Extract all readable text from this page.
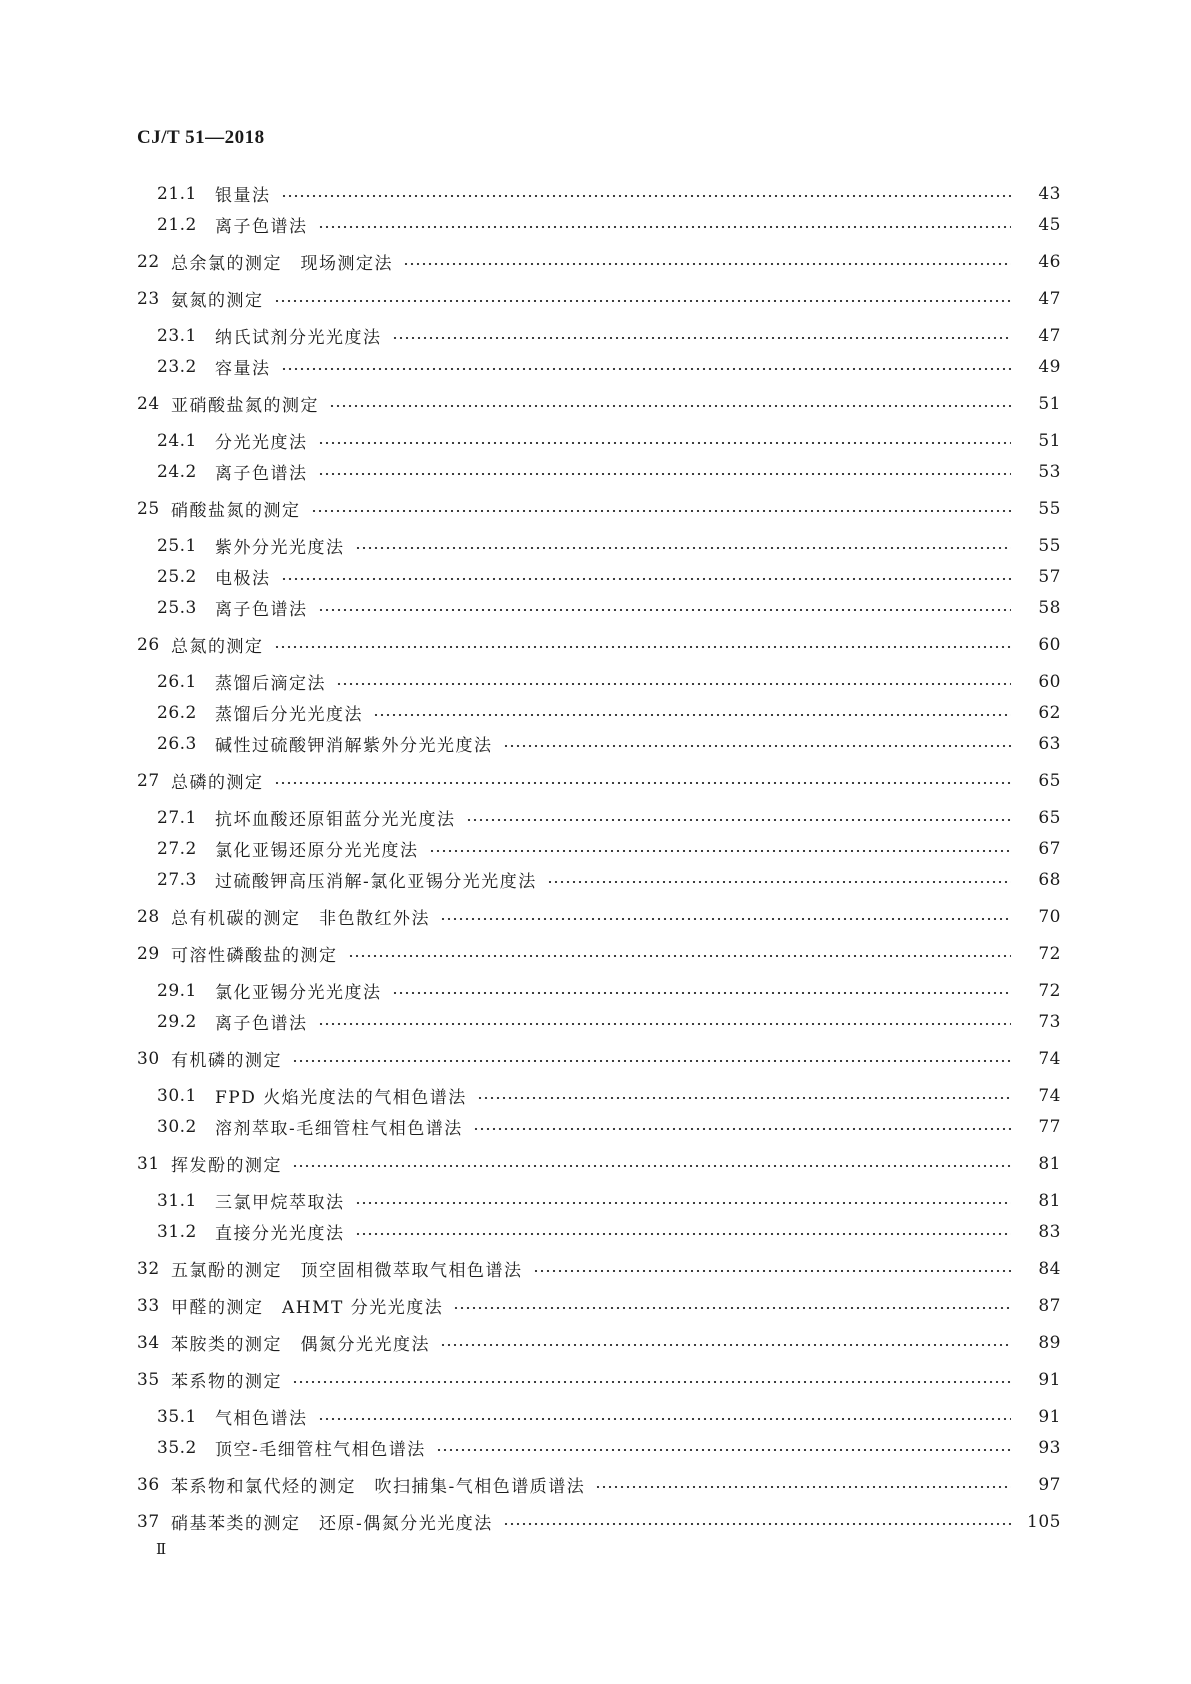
CJ/T 51—2018
21.1	银量法	43
21.2	离子色谱法	45
22 总余氯的测定　现场测定法	46
23 氨氮的测定	47
23.1	纳氏试剂分光光度法	47
23.2	容量法	49
24 亚硝酸盐氮的测定	51
24.1	分光光度法	51
24.2	离子色谱法	53
25 硝酸盐氮的测定	55
25.1	紫外分光光度法	55
25.2	电极法	57
25.3	离子色谱法	58
26 总氮的测定	60
26.1	蒸馏后滴定法	60
26.2	蒸馏后分光光度法	62
26.3	碱性过硫酸钾消解紫外分光光度法	63
27 总磷的测定	65
27.1	抗坏血酸还原钼蓝分光光度法	65
27.2	氯化亚锡还原分光光度法	67
27.3	过硫酸钾高压消解-氯化亚锡分光光度法	68
28 总有机碳的测定　非色散红外法	70
29 可溶性磷酸盐的测定	72
29.1	氯化亚锡分光光度法	72
29.2	离子色谱法	73
30 有机磷的测定	74
30.1	FPD 火焰光度法的气相色谱法	74
30.2	溶剂萃取-毛细管柱气相色谱法	77
31 挥发酚的测定	81
31.1	三氯甲烷萃取法	81
31.2	直接分光光度法	83
32 五氯酚的测定　顶空固相微萃取气相色谱法	84
33 甲醛的测定　AHMT 分光光度法	87
34 苯胺类的测定　偶氮分光光度法	89
35 苯系物的测定	91
35.1	气相色谱法	91
35.2	顶空-毛细管柱气相色谱法	93
36 苯系物和氯代烃的测定　吹扫捕集-气相色谱质谱法	97
37 硝基苯类的测定　还原-偶氮分光光度法	105
Ⅱ
